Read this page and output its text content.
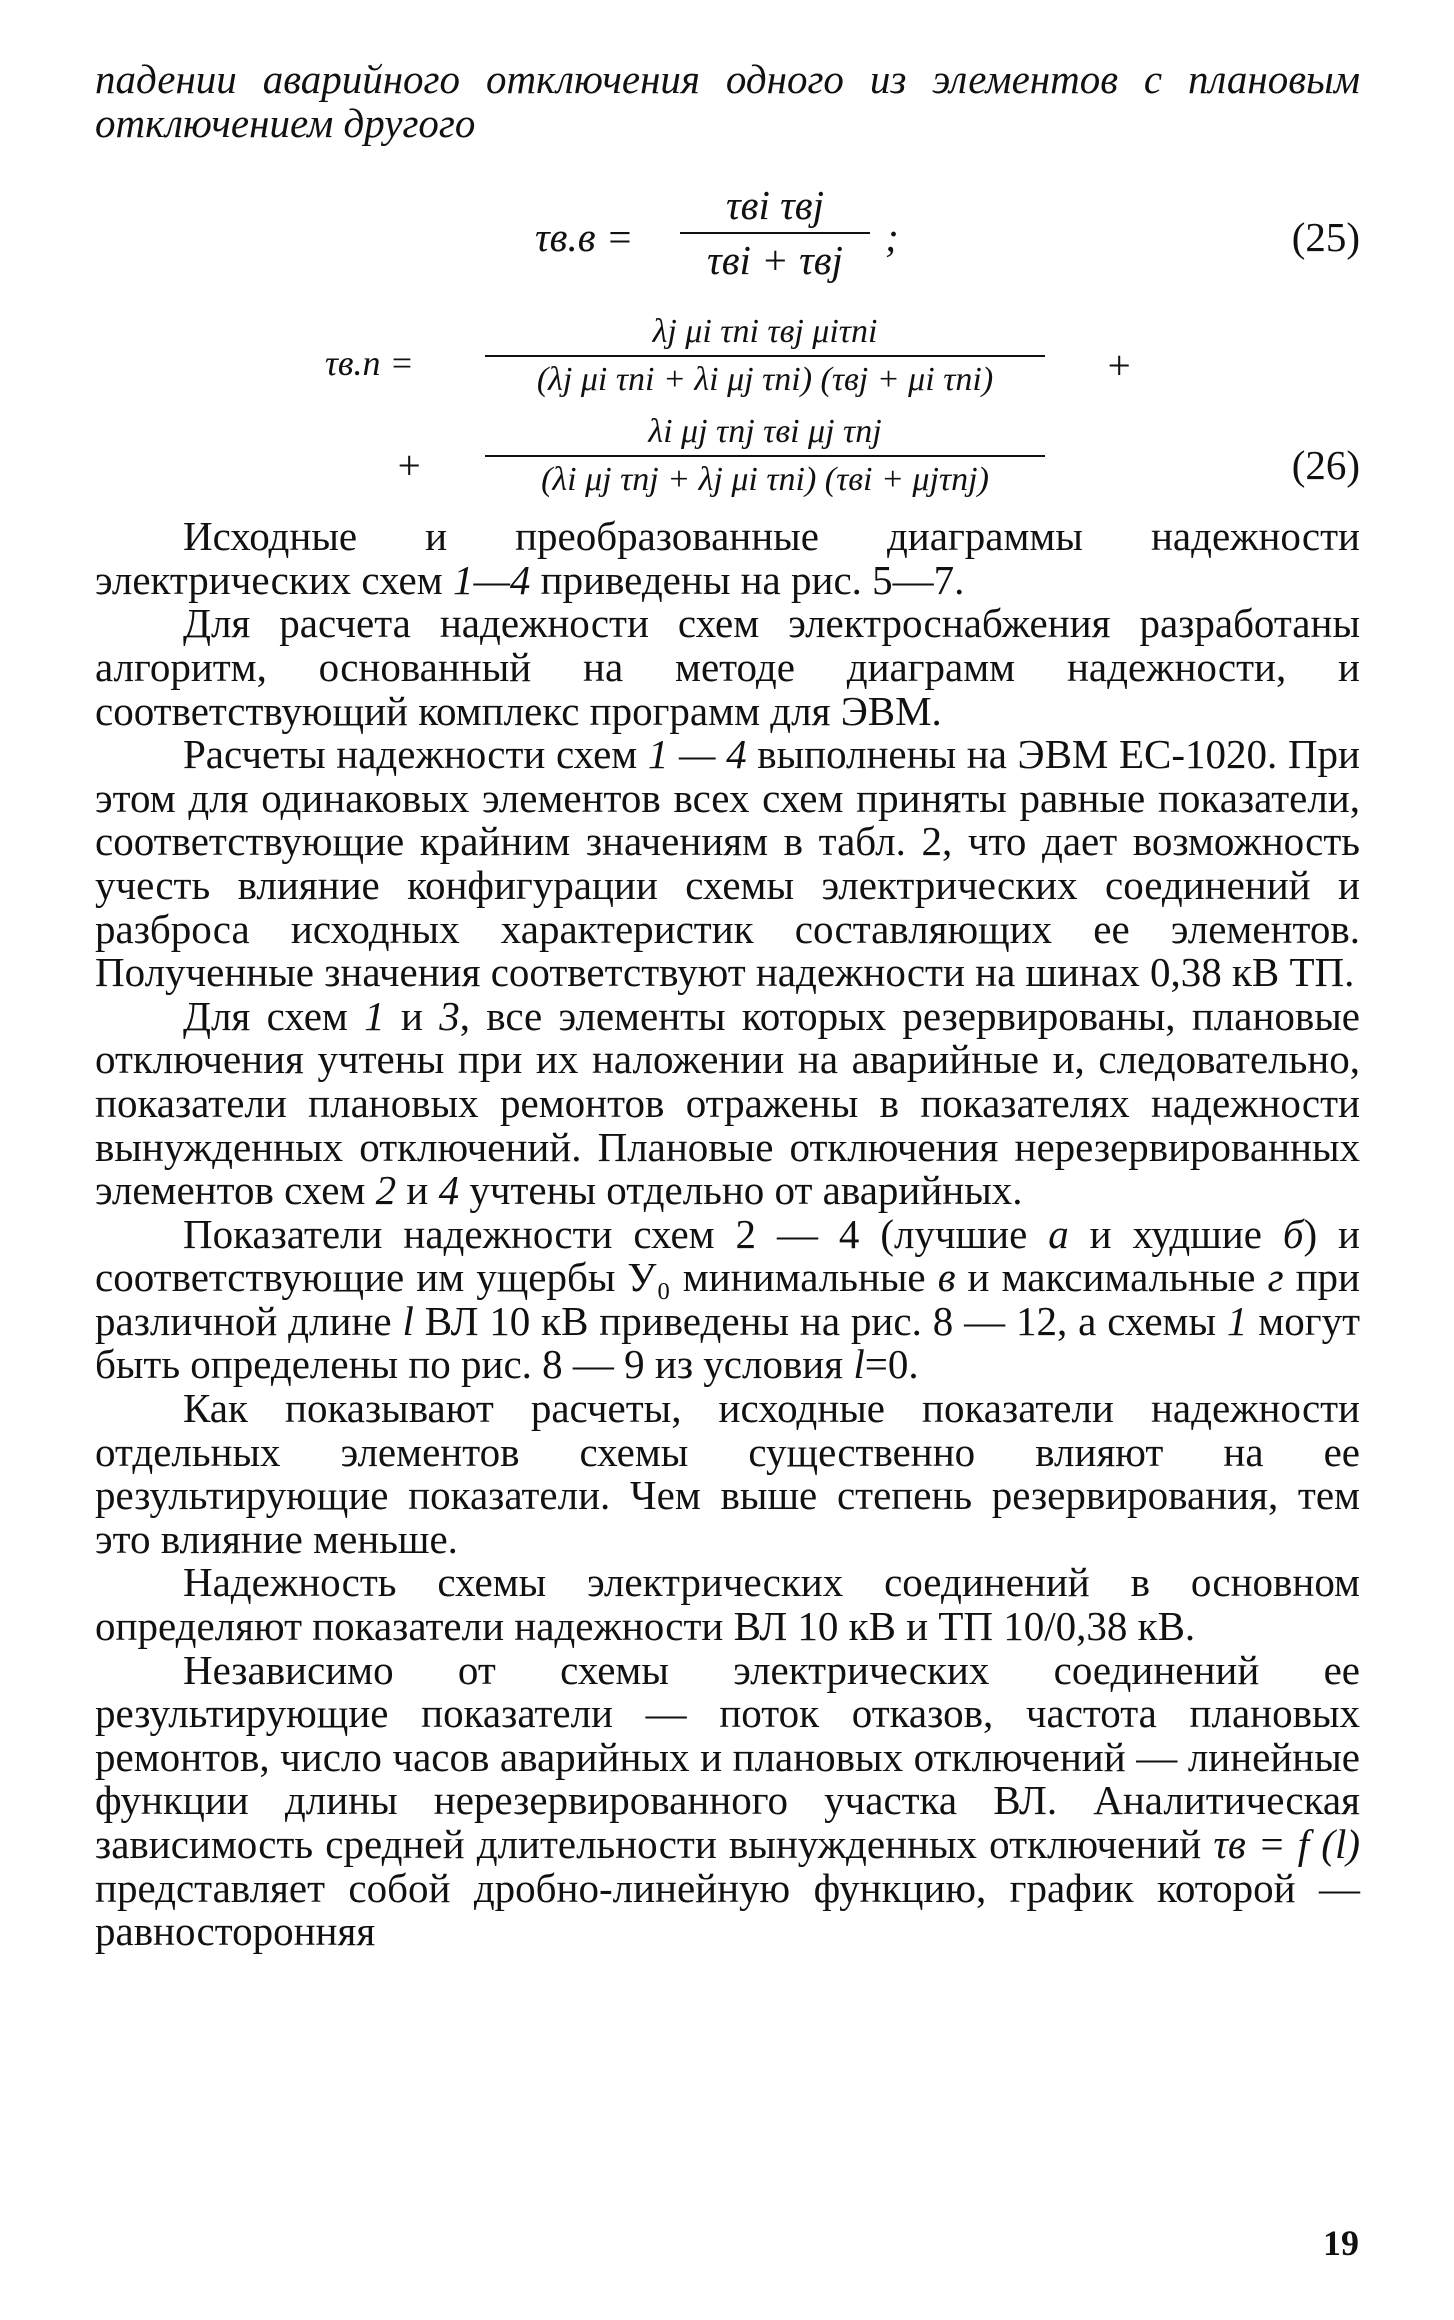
падении аварийного отключения одного из элементов с плановым отключением другого

τв.в =
τвi τвj
τвi + τвj	;	(25)
τв.п =
λj μi τпi τвj μiτпi
(λj μi τпi + λi μj τпi) (τвj + μi τпi)	+
+
λi μj τпj τвi μj τпj
(λi μj τпj + λj μi τпi) (τвi + μjτпj)	(26)

Исходные и преобразованные диаграммы надежности электрических схем 1—4 приведены на рис. 5—7.

Для расчета надежности схем электроснабжения разработаны алгоритм, основанный на методе диаграмм надежности, и соответствующий комплекс программ для ЭВМ.

Расчеты надежности схем 1 — 4 выполнены на ЭВМ ЕС-1020. При этом для одинаковых элементов всех схем приняты равные показатели, соответствующие крайним значениям в табл. 2, что дает возможность учесть влияние конфигурации схемы электрических соединений и разброса исходных характеристик составляющих ее элементов. Полученные значения соответствуют надежности на шинах 0,38 кВ ТП.

Для схем 1 и 3, все элементы которых резервированы, плановые отключения учтены при их наложении на аварийные и, следовательно, показатели плановых ремонтов отражены в показателях надежности вынужденных отключений. Плановые отключения нерезервированных элементов схем 2 и 4 учтены отдельно от аварийных.

Показатели надежности схем 2 — 4 (лучшие а и худшие б) и соответствующие им ущербы У₀ минимальные в и максимальные г при различной длине l ВЛ 10 кВ приведены на рис. 8 — 12, а схемы 1 могут быть определены по рис. 8 — 9 из условия l=0.

Как показывают расчеты, исходные показатели надежности отдельных элементов схемы существенно влияют на ее результирующие показатели. Чем выше степень резервирования, тем это влияние меньше.

Надежность схемы электрических соединений в основном определяют показатели надежности ВЛ 10 кВ и ТП 10/0,38 кВ.

Независимо от схемы электрических соединений ее результирующие показатели — поток отказов, частота плановых ремонтов, число часов аварийных и плановых отключений — линейные функции длины нерезервированного участка ВЛ. Аналитическая зависимость средней длительности вынужденных отключений τв = f (l) представляет собой дробно-линейную функцию, график которой — равносторонняя

19
